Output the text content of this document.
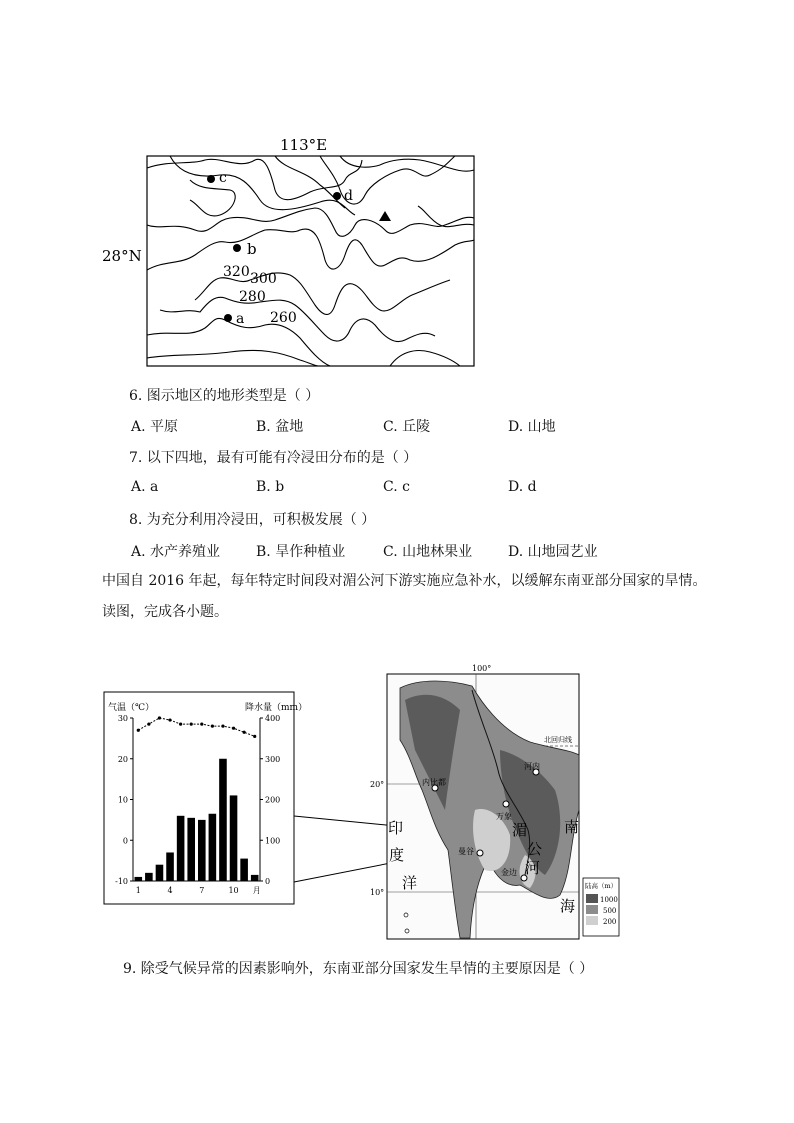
113°E
28°N
c
d
b
a
320 300
280
260
6. 图示地区的地形类型是（ ）
A. 平原	B. 盆地	C. 丘陵	D. 山地
7. 以下四地，最有可能有冷浸田分布的是（ ）
A. a	B. b	C. c	D. d
8. 为充分利用冷浸田，可积极发展（ ）
A. 水产养殖业	B. 旱作种植业	C. 山地林果业	D. 山地园艺业
中国自 2016 年起，每年特定时间段对湄公河下游实施应急补水，以缓解东南亚部分国家的旱情。
读图，完成各小题。
气温（℃）	降水量（mm）
30
20
10
0
-10
400
300
200
100
0
1	4	7	10 月
100°
北回归线
20°
10°
河内
内比都
万象
曼谷
金边
湄
公
河
印
度
洋
南
海
陆高（m）
1000
500
200
9. 除受气候异常的因素影响外，东南亚部分国家发生旱情的主要原因是（ ）
